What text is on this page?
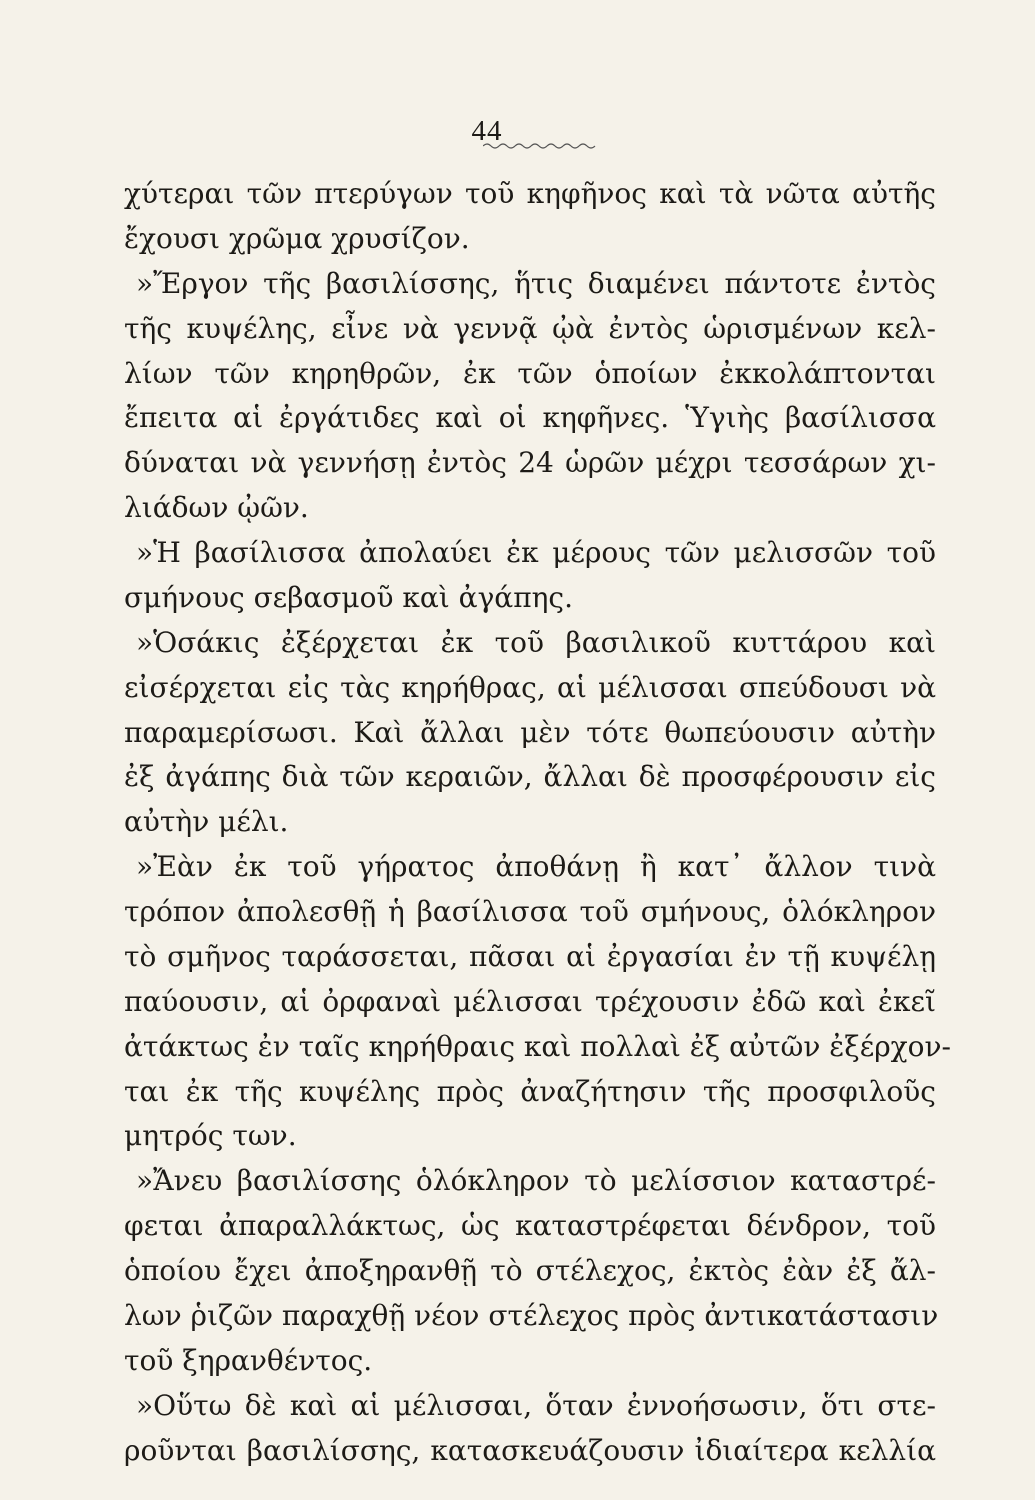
44
χύτεραι τῶν πτερύγων τοῦ κηφῆνος καὶ τὰ νῶτα αὐτῆς
ἔχουσι χρῶμα χρυσίζον.
»Ἔργον τῆς βασιλίσσης, ἥτις διαμένει πάντοτε ἐντὸς
τῆς κυψέλης, εἶνε νὰ γεννᾷ ᾠὰ ἐντὸς ὡρισμένων κελ-
λίων τῶν κηρηθρῶν, ἐκ τῶν ὁποίων ἐκκολάπτονται
ἔπειτα αἱ ἐργάτιδες καὶ οἱ κηφῆνες. Ὑγιὴς βασίλισσα
δύναται νὰ γεννήσῃ ἐντὸς 24 ὡρῶν μέχρι τεσσάρων χι-
λιάδων ᾠῶν.
»Ἡ βασίλισσα ἀπολαύει ἐκ μέρους τῶν μελισσῶν τοῦ
σμήνους σεβασμοῦ καὶ ἀγάπης.
»Ὁσάκις ἐξέρχεται ἐκ τοῦ βασιλικοῦ κυττάρου καὶ
εἰσέρχεται εἰς τὰς κηρήθρας, αἱ μέλισσαι σπεύδουσι νὰ
παραμερίσωσι. Καὶ ἄλλαι μὲν τότε θωπεύουσιν αὐτὴν
ἐξ ἀγάπης διὰ τῶν κεραιῶν, ἄλλαι δὲ προσφέρουσιν εἰς
αὐτὴν μέλι.
»Ἐὰν ἐκ τοῦ γήρατος ἀποθάνῃ ἢ κατ᾿ ἄλλον τινὰ
τρόπον ἀπολεσθῇ ἡ βασίλισσα τοῦ σμήνους, ὁλόκληρον
τὸ σμῆνος ταράσσεται, πᾶσαι αἱ ἐργασίαι ἐν τῇ κυψέλῃ
παύουσιν, αἱ ὀρφαναὶ μέλισσαι τρέχουσιν ἐδῶ καὶ ἐκεῖ
ἀτάκτως ἐν ταῖς κηρήθραις καὶ πολλαὶ ἐξ αὐτῶν ἐξέρχον-
ται ἐκ τῆς κυψέλης πρὸς ἀναζήτησιν τῆς προσφιλοῦς
μητρός των.
»Ἄνευ βασιλίσσης ὁλόκληρον τὸ μελίσσιον καταστρέ-
φεται ἀπαραλλάκτως, ὡς καταστρέφεται δένδρον, τοῦ
ὁποίου ἔχει ἀποξηρανθῇ τὸ στέλεχος, ἐκτὸς ἐὰν ἐξ ἄλ-
λων ῥιζῶν παραχθῇ νέον στέλεχος πρὸς ἀντικατάστασιν
τοῦ ξηρανθέντος.
»Οὕτω δὲ καὶ αἱ μέλισσαι, ὅταν ἐννοήσωσιν, ὅτι στε-
ροῦνται βασιλίσσης, κατασκευάζουσιν ἰδιαίτερα κελλία
